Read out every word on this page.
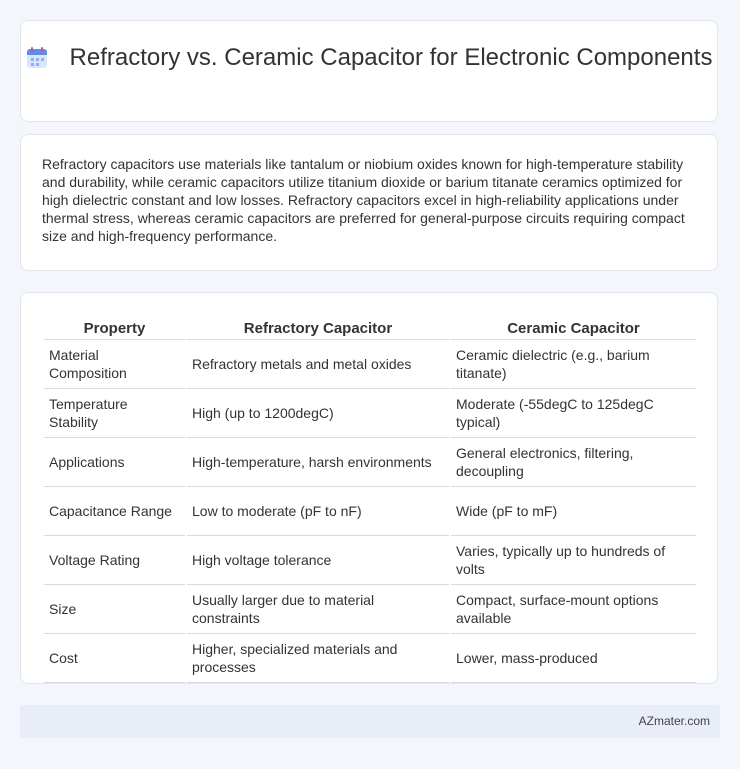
Refractory vs. Ceramic Capacitor for Electronic Components
Refractory capacitors use materials like tantalum or niobium oxides known for high-temperature stability and durability, while ceramic capacitors utilize titanium dioxide or barium titanate ceramics optimized for high dielectric constant and low losses. Refractory capacitors excel in high-reliability applications under thermal stress, whereas ceramic capacitors are preferred for general-purpose circuits requiring compact size and high-frequency performance.
Property	Refractory Capacitor	Ceramic Capacitor
Material Composition	Refractory metals and metal oxides	Ceramic dielectric (e.g., barium titanate)
Temperature Stability	High (up to 1200degC)	Moderate (-55degC to 125degC typical)
Applications	High-temperature, harsh environments	General electronics, filtering, decoupling
Capacitance Range	Low to moderate (pF to nF)	Wide (pF to mF)
Voltage Rating	High voltage tolerance	Varies, typically up to hundreds of volts
Size	Usually larger due to material constraints	Compact, surface-mount options available
Cost	Higher, specialized materials and processes	Lower, mass-produced
AZmater.com
